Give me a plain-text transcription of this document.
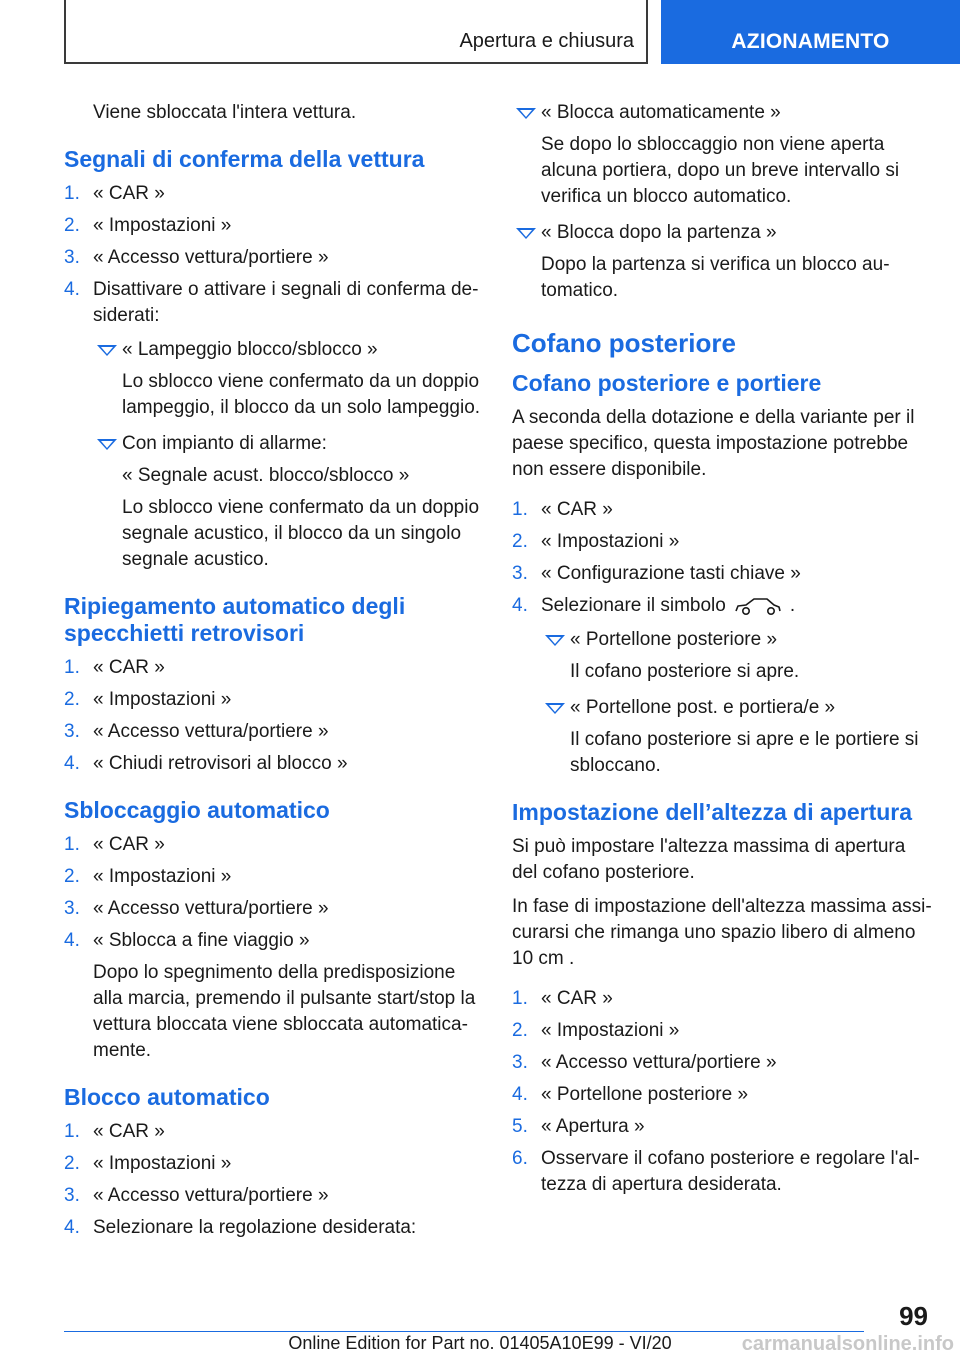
Apertura e chiusura	AZIONAMENTO

Viene sbloccata l'intera vettura.

Segnali di conferma della vettura
1. « CAR »
2. « Impostazioni »
3. « Accesso vettura/portiere »
4. Disattivare o attivare i segnali di conferma desiderati:
« Lampeggio blocco/sblocco »
Lo sblocco viene confermato da un doppio lampeggio, il blocco da un solo lampeggio.
Con impianto di allarme:
« Segnale acust. blocco/sblocco »
Lo sblocco viene confermato da un doppio segnale acustico, il blocco da un singolo segnale acustico.
Ripiegamento automatico degli specchietti retrovisori
1. « CAR »
2. « Impostazioni »
3. « Accesso vettura/portiere »
4. « Chiudi retrovisori al blocco »
Sbloccaggio automatico
1. « CAR »
2. « Impostazioni »
3. « Accesso vettura/portiere »
4. « Sblocca a fine viaggio »
Dopo lo spegnimento della predisposizione alla marcia, premendo il pulsante start/stop la vettura bloccata viene sbloccata automaticamente.
Blocco automatico
1. « CAR »
2. « Impostazioni »
3. « Accesso vettura/portiere »
4. Selezionare la regolazione desiderata:
« Blocca automaticamente »
Se dopo lo sbloccaggio non viene aperta alcuna portiera, dopo un breve intervallo si verifica un blocco automatico.
« Blocca dopo la partenza »
Dopo la partenza si verifica un blocco automatico.
Cofano posteriore
Cofano posteriore e portiere

A seconda della dotazione e della variante per il paese specifico, questa impostazione potrebbe non essere disponibile.

1. « CAR »
2. « Impostazioni »
3. « Configurazione tasti chiave »
4. Selezionare il simbolo	.
« Portellone posteriore »
Il cofano posteriore si apre.
« Portellone post. e portiera/e »
Il cofano posteriore si apre e le portiere si sbloccano.
Impostazione dell’altezza di apertura

Si può impostare l'altezza massima di apertura del cofano posteriore.

In fase di impostazione dell'altezza massima assicurarsi che rimanga uno spazio libero di almeno 10 cm .

1. « CAR »
2. « Impostazioni »
3. « Accesso vettura/portiere »
4. « Portellone posteriore »
5. « Apertura »
6. Osservare il cofano posteriore e regolare l'altezza di apertura desiderata.
99
Online Edition for Part no. 01405A10E99 - VI/20	carmanualsonline.info
